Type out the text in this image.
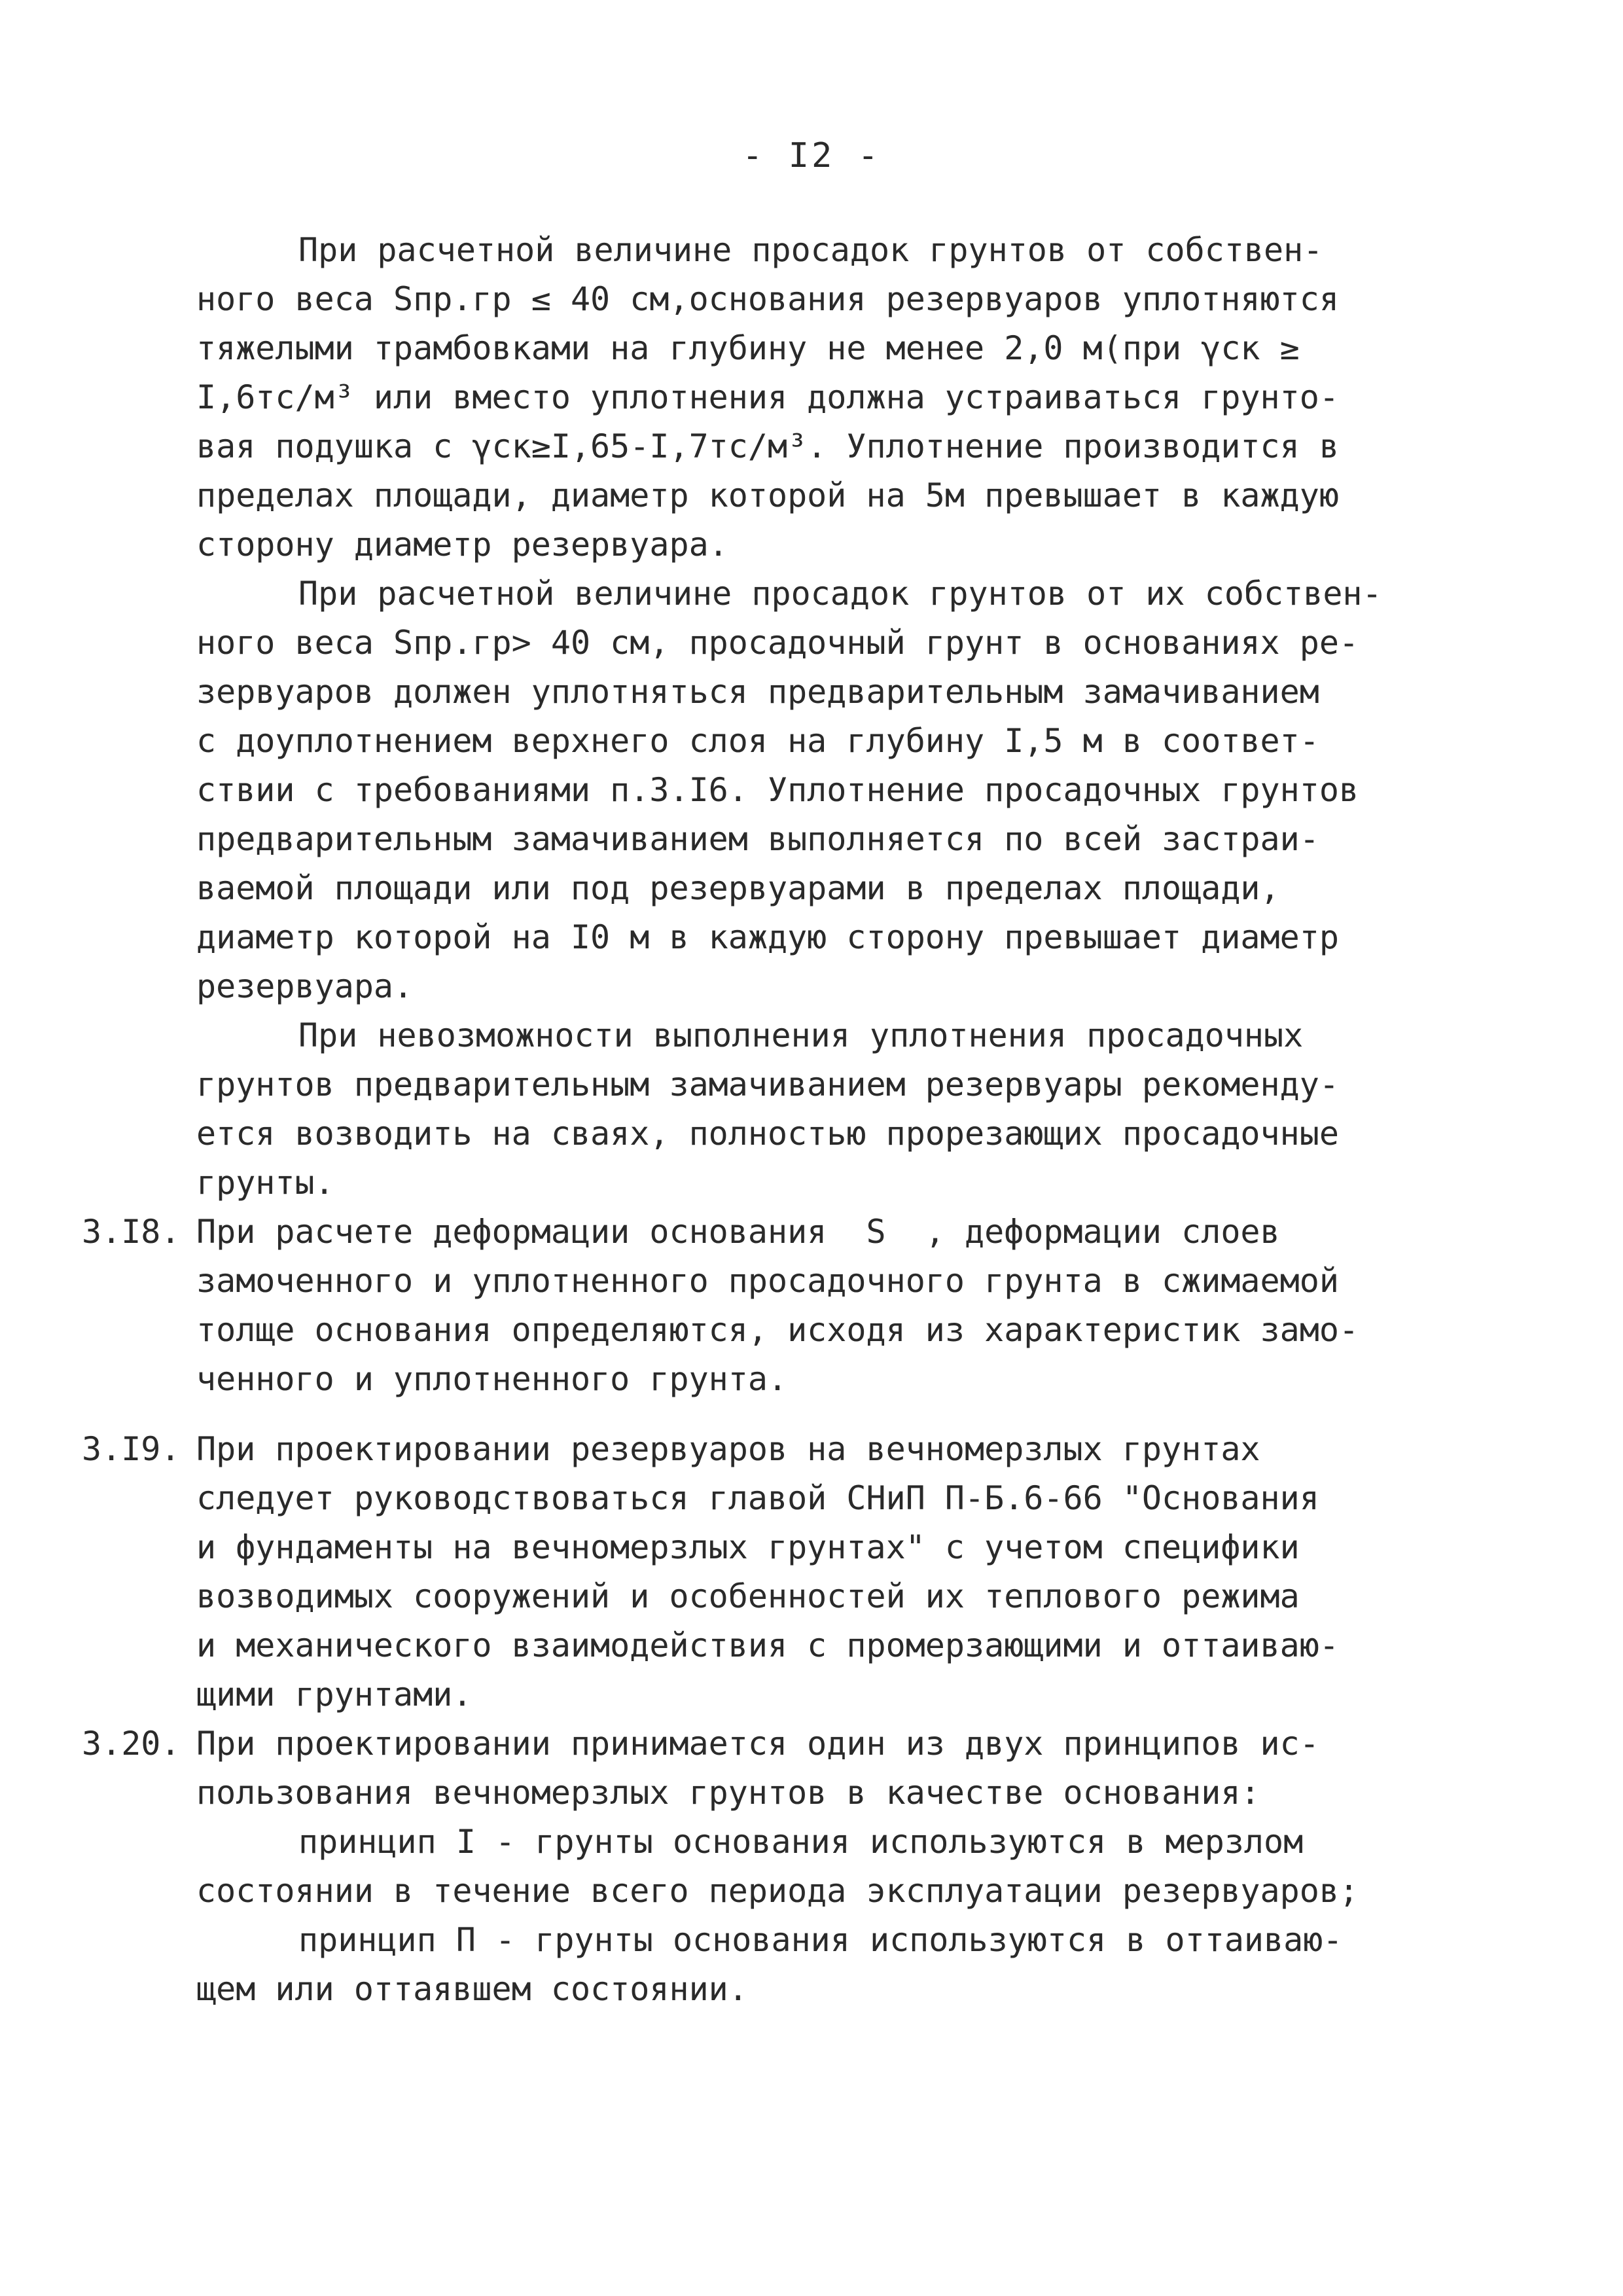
- I2 -
При расчетной величине просадок грунтов от собствен-
ного веса Sпр.гр ≤ 40 см,основания резервуаров уплотняются
тяжелыми трамбовками на глубину не менее 2,0 м(при γск ≥
I,6тс/м³ или вместо уплотнения должна устраиваться грунто-
вая подушка с γск≥I,65-I,7тс/м³. Уплотнение производится в
пределах площади, диаметр которой на 5м превышает в каждую
сторону диаметр резервуара.
При расчетной величине просадок грунтов от их собствен-
ного веса Sпр.гр> 40 см, просадочный грунт в основаниях ре-
зервуаров должен уплотняться предварительным замачиванием
с доуплотнением верхнего слоя на глубину I,5 м в соответ-
ствии с требованиями п.3.I6. Уплотнение просадочных грунтов
предварительным замачиванием выполняется по всей застраи-
ваемой площади или под резервуарами в пределах площади,
диаметр которой на I0 м в каждую сторону превышает диаметр
резервуара.
При невозможности выполнения уплотнения просадочных
грунтов предварительным замачиванием резервуары рекоменду-
ется возводить на сваях, полностью прорезающих просадочные
грунты.
3.I8. При расчете деформации основания  S  , деформации слоев
замоченного и уплотненного просадочного грунта в сжимаемой
толще основания определяются, исходя из характеристик замо-
ченного и уплотненного грунта.
3.I9. При проектировании резервуаров на вечномерзлых грунтах
следует руководствоваться главой СНиП П-Б.6-66 "Основания
и фундаменты на вечномерзлых грунтах" с учетом специфики
возводимых сооружений и особенностей их теплового режима
и механического взаимодействия с промерзающими и оттаиваю-
щими грунтами.
3.20. При проектировании принимается один из двух принципов ис-
пользования вечномерзлых грунтов в качестве основания:
принцип I - грунты основания используются в мерзлом
состоянии в течение всего периода эксплуатации резервуаров;
принцип П - грунты основания используются в оттаиваю-
щем или оттаявшем состоянии.
